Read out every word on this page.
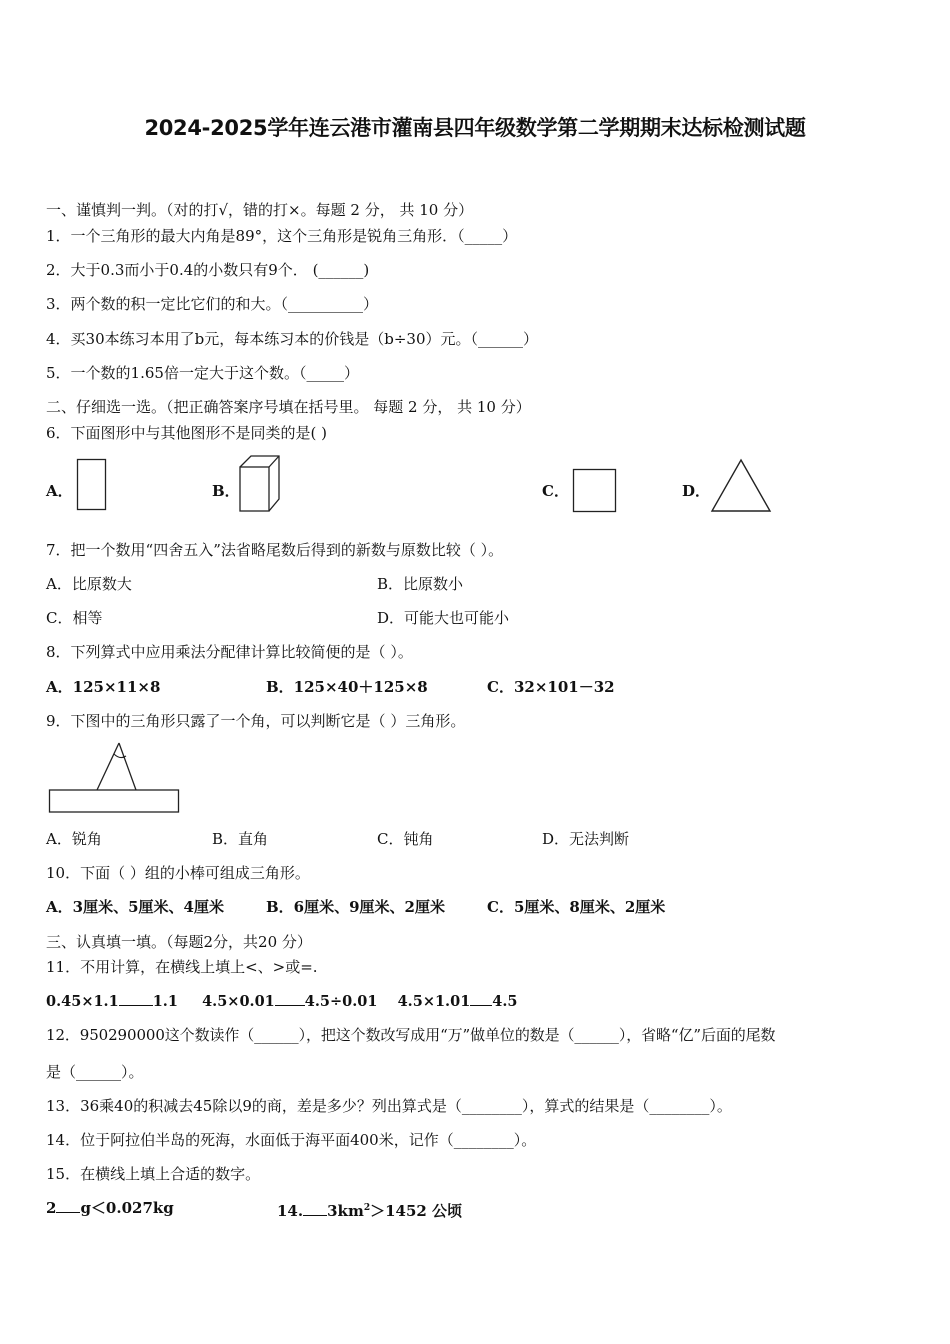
2024-2025学年连云港市灌南县四年级数学第二学期期末达标检测试题
一、谨慎判一判。（对的打√，错的打×。每题 2 分， 共 10 分）
1．一个三角形的最大内角是89°，这个三角形是锐角三角形．（_____）
2．大于0.3而小于0.4的小数只有9个． (______)
3．两个数的积一定比它们的和大。（__________）
4．买30本练习本用了b元，每本练习本的价钱是（b÷30）元。（______）
5．一个数的1.65倍一定大于这个数。（_____）
二、仔细选一选。（把正确答案序号填在括号里。 每题 2 分， 共 10 分）
6．下面图形中与其他图形不是同类的是( )
A．	B．	C．	D．
7．把一个数用“四舍五入”法省略尾数后得到的新数与原数比较（ ）。
A．比原数大	B．比原数小
C．相等	D．可能大也可能小
8．下列算式中应用乘法分配律计算比较简便的是（ ）。
A．125×11×8	B．125×40＋125×8	C．32×101－32
9．下图中的三角形只露了一个角，可以判断它是（ ）三角形。
A．锐角	B．直角	C．钝角	D．无法判断
10．下面（ ）组的小棒可组成三角形。
A．3厘米、5厘米、4厘米	B．6厘米、9厘米、2厘米	C．5厘米、8厘米、2厘米
三、认真填一填。（每题2分，共20 分）
11．不用计算，在横线上填上<、>或=.
0.45×1.1 1.1 4.5×0.01 4.5÷0.01 4.5×1.01 4.5
12．950290000这个数读作（______），把这个数改写成用“万”做单位的数是（______），省略“亿”后面的尾数
是（______）。
13．36乘40的积减去45除以9的商，差是多少？列出算式是（________），算式的结果是（________）。
14．位于阿拉伯半岛的死海，水面低于海平面400米，记作（________）。
15．在横线上填上合适的数字。
2 g＜0.027kg	14. $3km^2>1452$ 公顷
